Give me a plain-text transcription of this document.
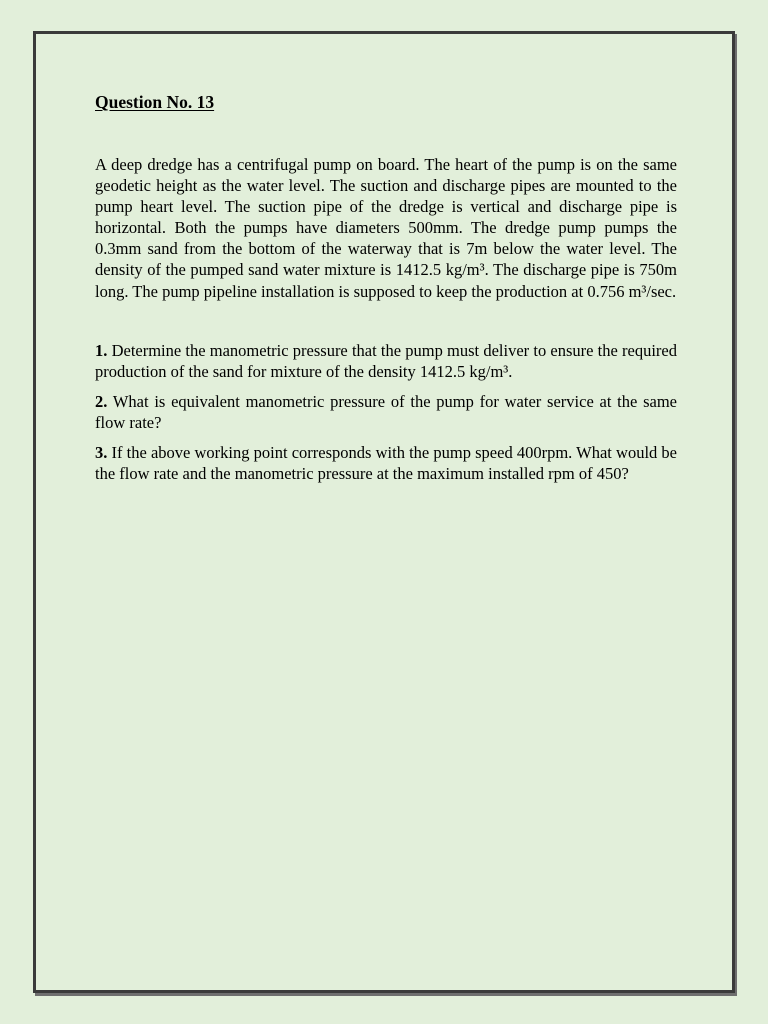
Question No. 13

A deep dredge has a centrifugal pump on board. The heart of the pump is on the same geodetic height as the water level. The suction and discharge pipes are mounted to the pump heart level. The suction pipe of the dredge is vertical and discharge pipe is horizontal. Both the pumps have diameters 500mm. The dredge pump pumps the 0.3mm sand from the bottom of the waterway that is 7m below the water level. The density of the pumped sand water mixture is 1412.5 kg/m³. The discharge pipe is 750m long. The pump pipeline installation is supposed to keep the production at 0.756 m³/sec.

1. Determine the manometric pressure that the pump must deliver to ensure the required production of the sand for mixture of the density 1412.5 kg/m³.

2. What is equivalent manometric pressure of the pump for water service at the same flow rate?

3. If the above working point corresponds with the pump speed 400rpm. What would be the flow rate and the manometric pressure at the maximum installed rpm of 450?
